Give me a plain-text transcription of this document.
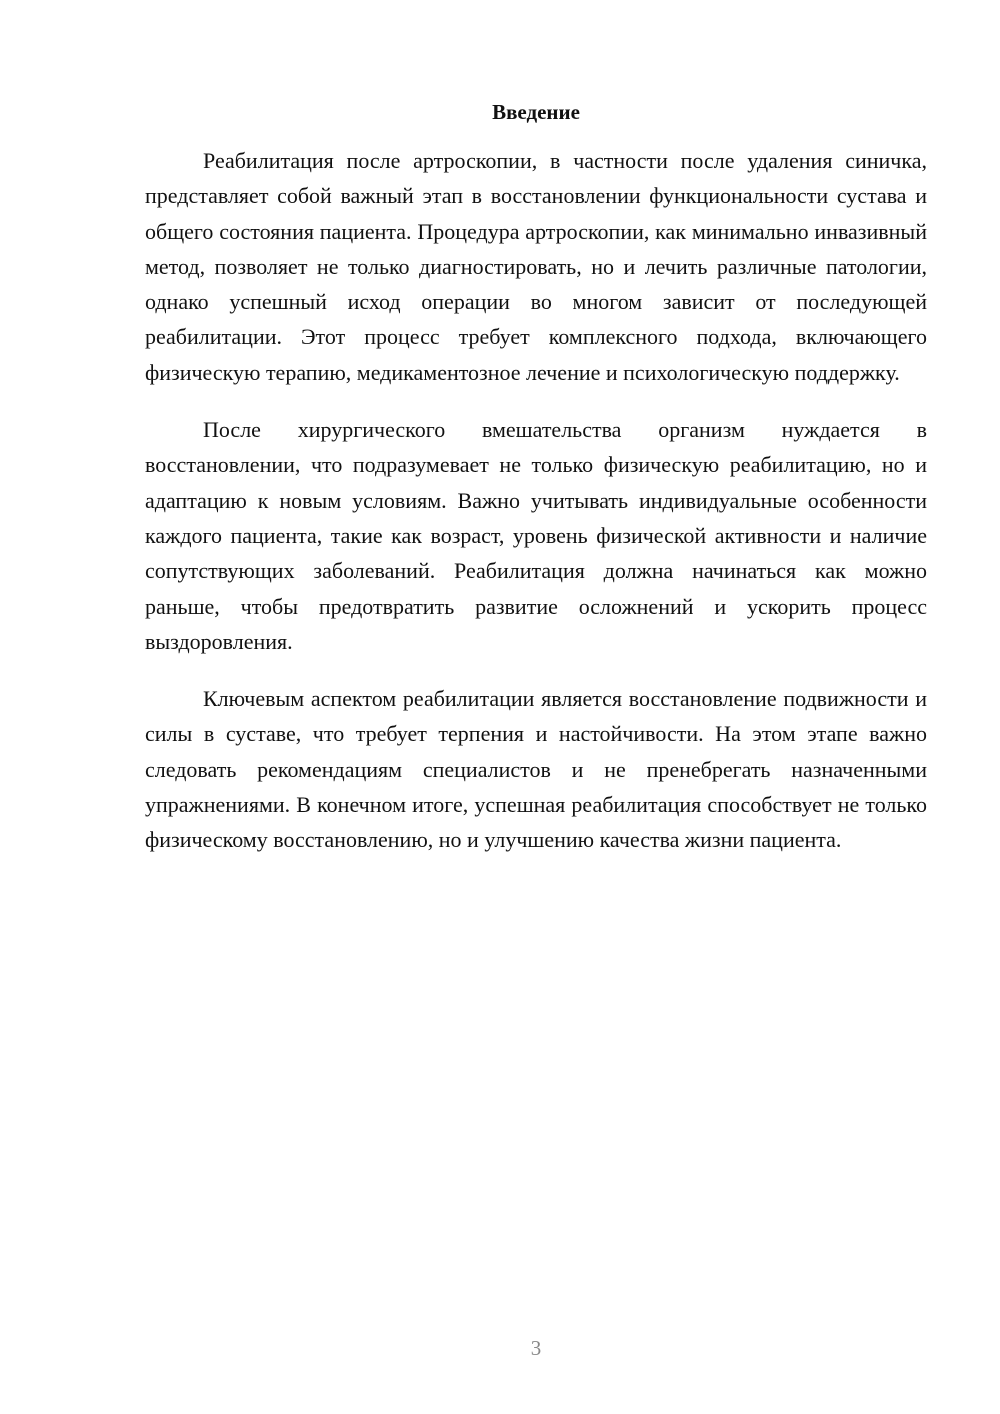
Введение

Реабилитация после артроскопии, в частности после удаления синичка, представляет собой важный этап в восстановлении функциональности сустава и общего состояния пациента. Процедура артроскопии, как минимально инвазивный метод, позволяет не только диагностировать, но и лечить различные патологии, однако успешный исход операции во многом зависит от последующей реабилитации. Этот процесс требует комплексного подхода, включающего физическую терапию, медикаментозное лечение и психологическую поддержку.

После хирургического вмешательства организм нуждается в восстановлении, что подразумевает не только физическую реабилитацию, но и адаптацию к новым условиям. Важно учитывать индивидуальные особенности каждого пациента, такие как возраст, уровень физической активности и наличие сопутствующих заболеваний. Реабилитация должна начинаться как можно раньше, чтобы предотвратить развитие осложнений и ускорить процесс выздоровления.

Ключевым аспектом реабилитации является восстановление подвижности и силы в суставе, что требует терпения и настойчивости. На этом этапе важно следовать рекомендациям специалистов и не пренебрегать назначенными упражнениями. В конечном итоге, успешная реабилитация способствует не только физическому восстановлению, но и улучшению качества жизни пациента.

3
